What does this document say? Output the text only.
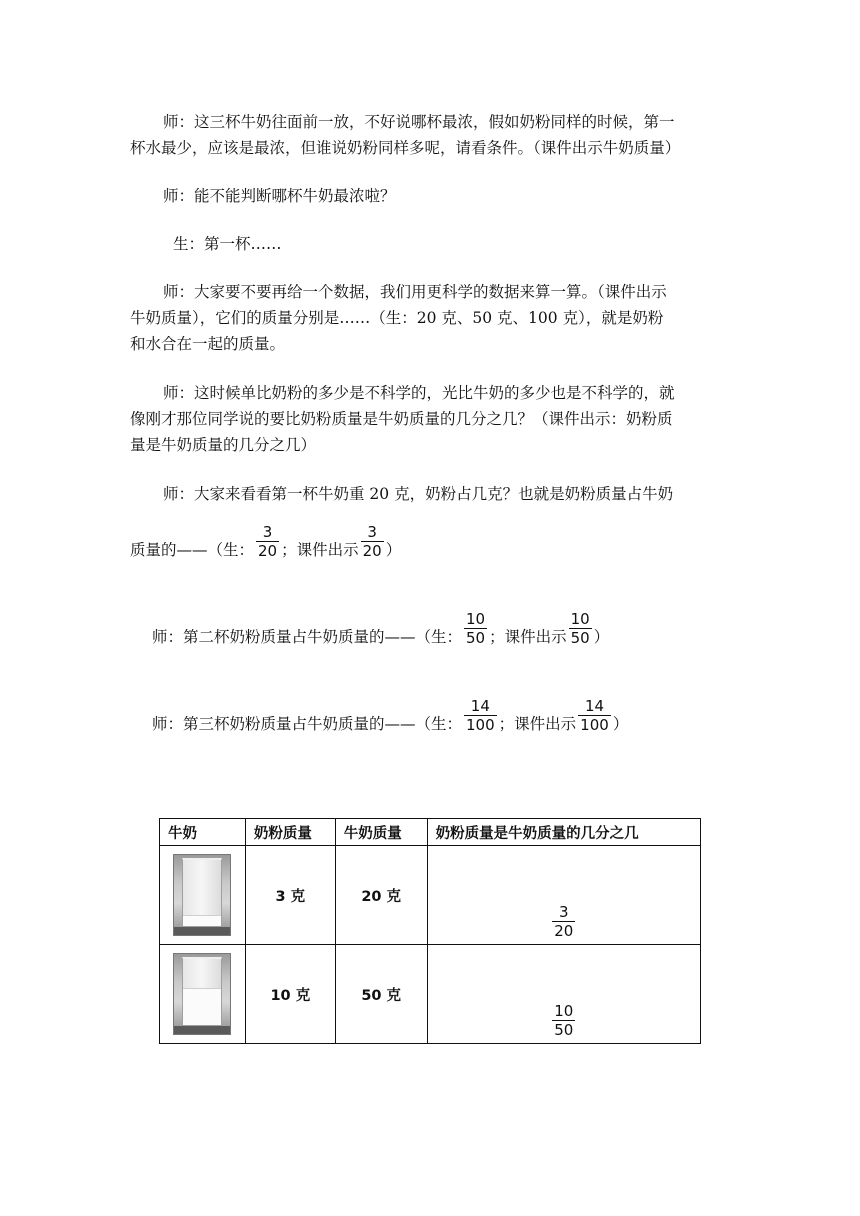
师：这三杯牛奶往面前一放，不好说哪杯最浓，假如奶粉同样的时候，第一
杯水最少，应该是最浓，但谁说奶粉同样多呢，请看条件。（课件出示牛奶质量）
师：能不能判断哪杯牛奶最浓啦？
生：第一杯……
师：大家要不要再给一个数据，我们用更科学的数据来算一算。（课件出示
牛奶质量），它们的质量分别是……（生：20 克、50 克、100 克），就是奶粉
和水合在一起的质量。
师：这时候单比奶粉的多少是不科学的，光比牛奶的多少也是不科学的，就
像刚才那位同学说的要比奶粉质量是牛奶质量的几分之几？（课件出示：奶粉质
量是牛奶质量的几分之几）
师：大家来看看第一杯牛奶重 20 克，奶粉占几克？也就是奶粉质量占牛奶
质量的——（生： $\frac{3}{20}$ ；课件出示 $\frac{3}{20}$ ）
师：第二杯奶粉质量占牛奶质量的——（生： $\frac{10}{50}$ ；课件出示 $\frac{10}{50}$ ）
师：第三杯奶粉质量占牛奶质量的——（生： $\frac{14}{100}$ ；课件出示 $\frac{14}{100}$ ）
牛奶	奶粉质量	牛奶质量	奶粉质量是牛奶质量的几分之几

	3 克	20 克	$\frac{3}{20}$

	10 克	50 克	$\frac{10}{50}$
